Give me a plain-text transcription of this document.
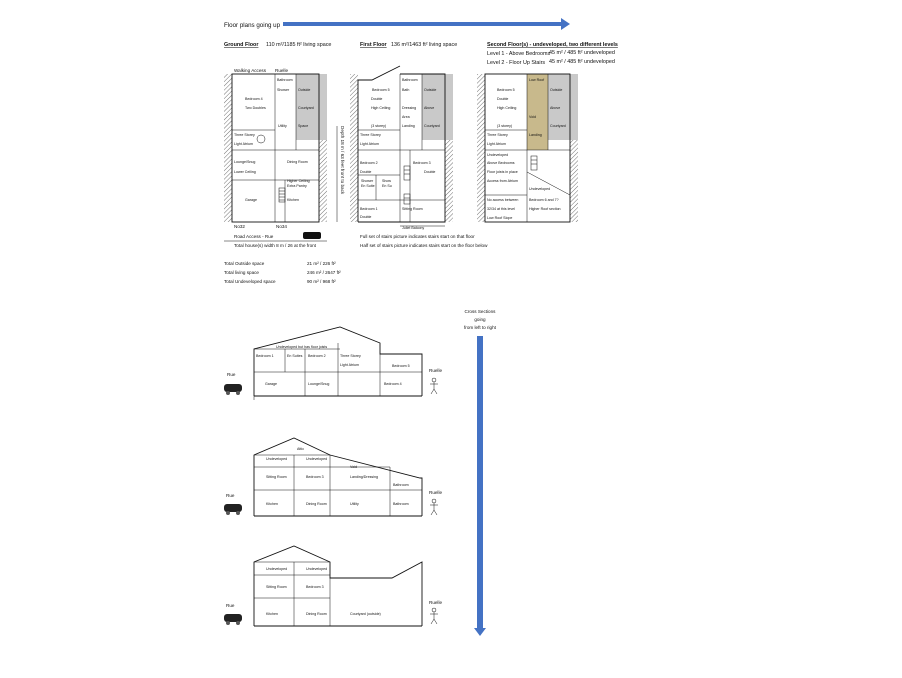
Floor plans going up
Ground Floor 110 m²/1185 ft² living space	First Floor 136 m²/1463 ft² living space	Second Floor(s) - undeveloped, two different levels
Level 1 - Above Bedrooms
45 m² / 485 ft² undeveloped
Level 2 - Floor Up Stairs 45 m² / 485 ft² undeveloped
Walking Access Ruelle
Bathroom
Outside
Shower
Bedroom 4
Two Doubles	Courtyard
Utility	Space
Three Storey
Light Atrium
Lounge/Snug
Lower Ceiling
Dining Room
Higher Ceiling
Extra Pantry
Garage	Kitchen
No32	No34
Road Access - Rue
Total house(s) width 8 m / 26 at the front
Bathroom
Bedroom 5	Bath	Outside
Double
High Ceiling	Dressing Above
Area
(3 storey)	Landing	Courtyard
Three Storey
Light Atrium
Bedroom 2	Bedroom 3
Double	Double
Shower
En Suite
Show
En Su
Bedroom 1	Sitting Room
Double
Juliet Balcony
Depth 18 m / 63 feet front to back
Full set of stairs picture indicates stairs start on that floor
Half set of stairs picture indicates stairs start on the floor below
Low Roof
Bedroom 5	Outside
Double
Void
Above
High Ceiling
(3 storey)
Landing
Courtyard
Three Storey
Light Atrium
Undeveloped
Above Bedrooms
Floor joists in place
Access from Atrium
Undeveloped
No access between
32/34 at this level
Bedroom 6 and 7?
Higher Roof section
Low Roof Slope
Total Outside space	21 m² / 226 ft²
Total living space	246 m² / 2647 ft²
Total Undeveloped space	90 m² / 968 ft²
Cross Sections
going
from left to right
Undeveloped but has floor joists
Bedroom 1	En Suites Bedroom 2	Three Storey
Light Atrium	Bedroom 5
Garage	Lounge/Snug	Bedroom 4
Rue
Ruelle
Attic
Undeveloped	Undeveloped
Void
Sitting Room	Bedroom 3	Landing/Dressing
Bathroom
Kitchen	Dining Room	Utility	Bathroom
Rue
Ruelle
Undeveloped	Undeveloped
Sitting Room	Bedroom 3
Kitchen	Dining Room	Courtyard (outside)
Rue
Ruelle
